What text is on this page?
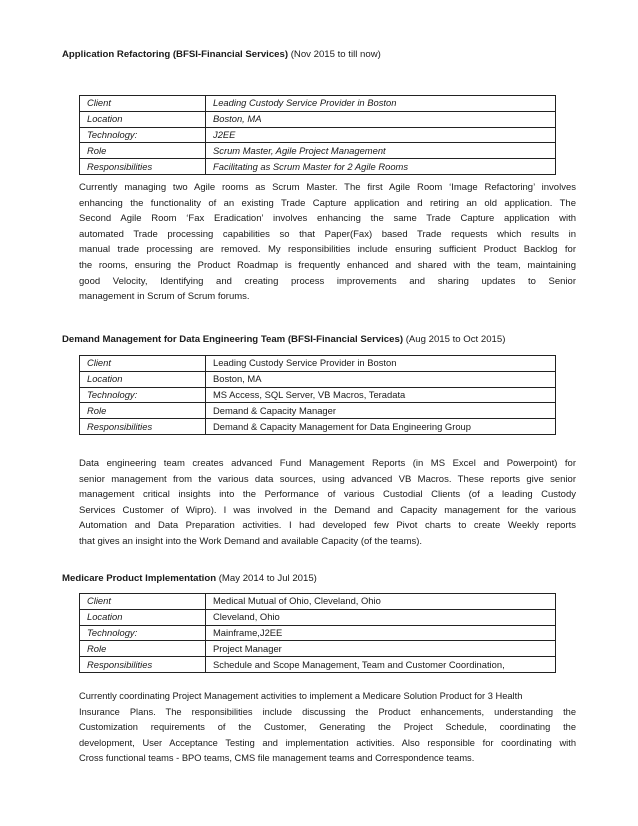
Application Refactoring (BFSI-Financial Services) (Nov 2015 to till now)
Client	Leading Custody Service Provider in Boston
Location	Boston, MA
Technology:	J2EE
Role	Scrum Master, Agile Project Management
Responsibilities	Facilitating as Scrum Master for 2 Agile Rooms
Currently managing two Agile rooms as Scrum Master. The first Agile Room ‘Image Refactoring’ involves
enhancing the functionality of an existing Trade Capture application and retiring an old application. The
Second Agile Room ‘Fax Eradication’ involves enhancing the same Trade Capture application with
automated Trade processing capabilities so that Paper(Fax) based Trade requests which results in
manual trade processing are removed. My responsibilities include ensuring sufficient Product Backlog for
the rooms, ensuring the Product Roadmap is frequently enhanced and shared with the team, maintaining
good Velocity, Identifying and creating process improvements and sharing updates to Senior
management in Scrum of Scrum forums.
Demand Management for Data Engineering Team (BFSI-Financial Services) (Aug 2015 to Oct 2015)
Client	Leading Custody Service Provider in Boston
Location	Boston, MA
Technology:	MS Access, SQL Server, VB Macros, Teradata
Role	Demand & Capacity Manager
Responsibilities	Demand & Capacity Management for Data Engineering Group
Data engineering team creates advanced Fund Management Reports (in MS Excel and Powerpoint) for
senior management from the various data sources, using advanced VB Macros. These reports give senior
management critical insights into the Performance of various Custodial Clients (of a leading Custody
Services Customer of Wipro). I was involved in the Demand and Capacity management for the various
Automation and Data Preparation activities. I had developed few Pivot charts to create Weekly reports
that gives an insight into the Work Demand and available Capacity (of the teams).
Medicare Product Implementation (May 2014 to Jul 2015)
Client	Medical Mutual of Ohio, Cleveland, Ohio
Location	Cleveland, Ohio
Technology:	Mainframe,J2EE
Role	Project Manager
Responsibilities	Schedule and Scope Management, Team and Customer Coordination,
Currently coordinating Project Management activities to implement a Medicare Solution Product for 3 Health
Insurance Plans. The responsibilities include discussing the Product enhancements, understanding the
Customization requirements of the Customer, Generating the Project Schedule, coordinating the
development, User Acceptance Testing and implementation activities. Also responsible for coordinating with
Cross functional teams - BPO teams, CMS file management teams and Correspondence teams.
